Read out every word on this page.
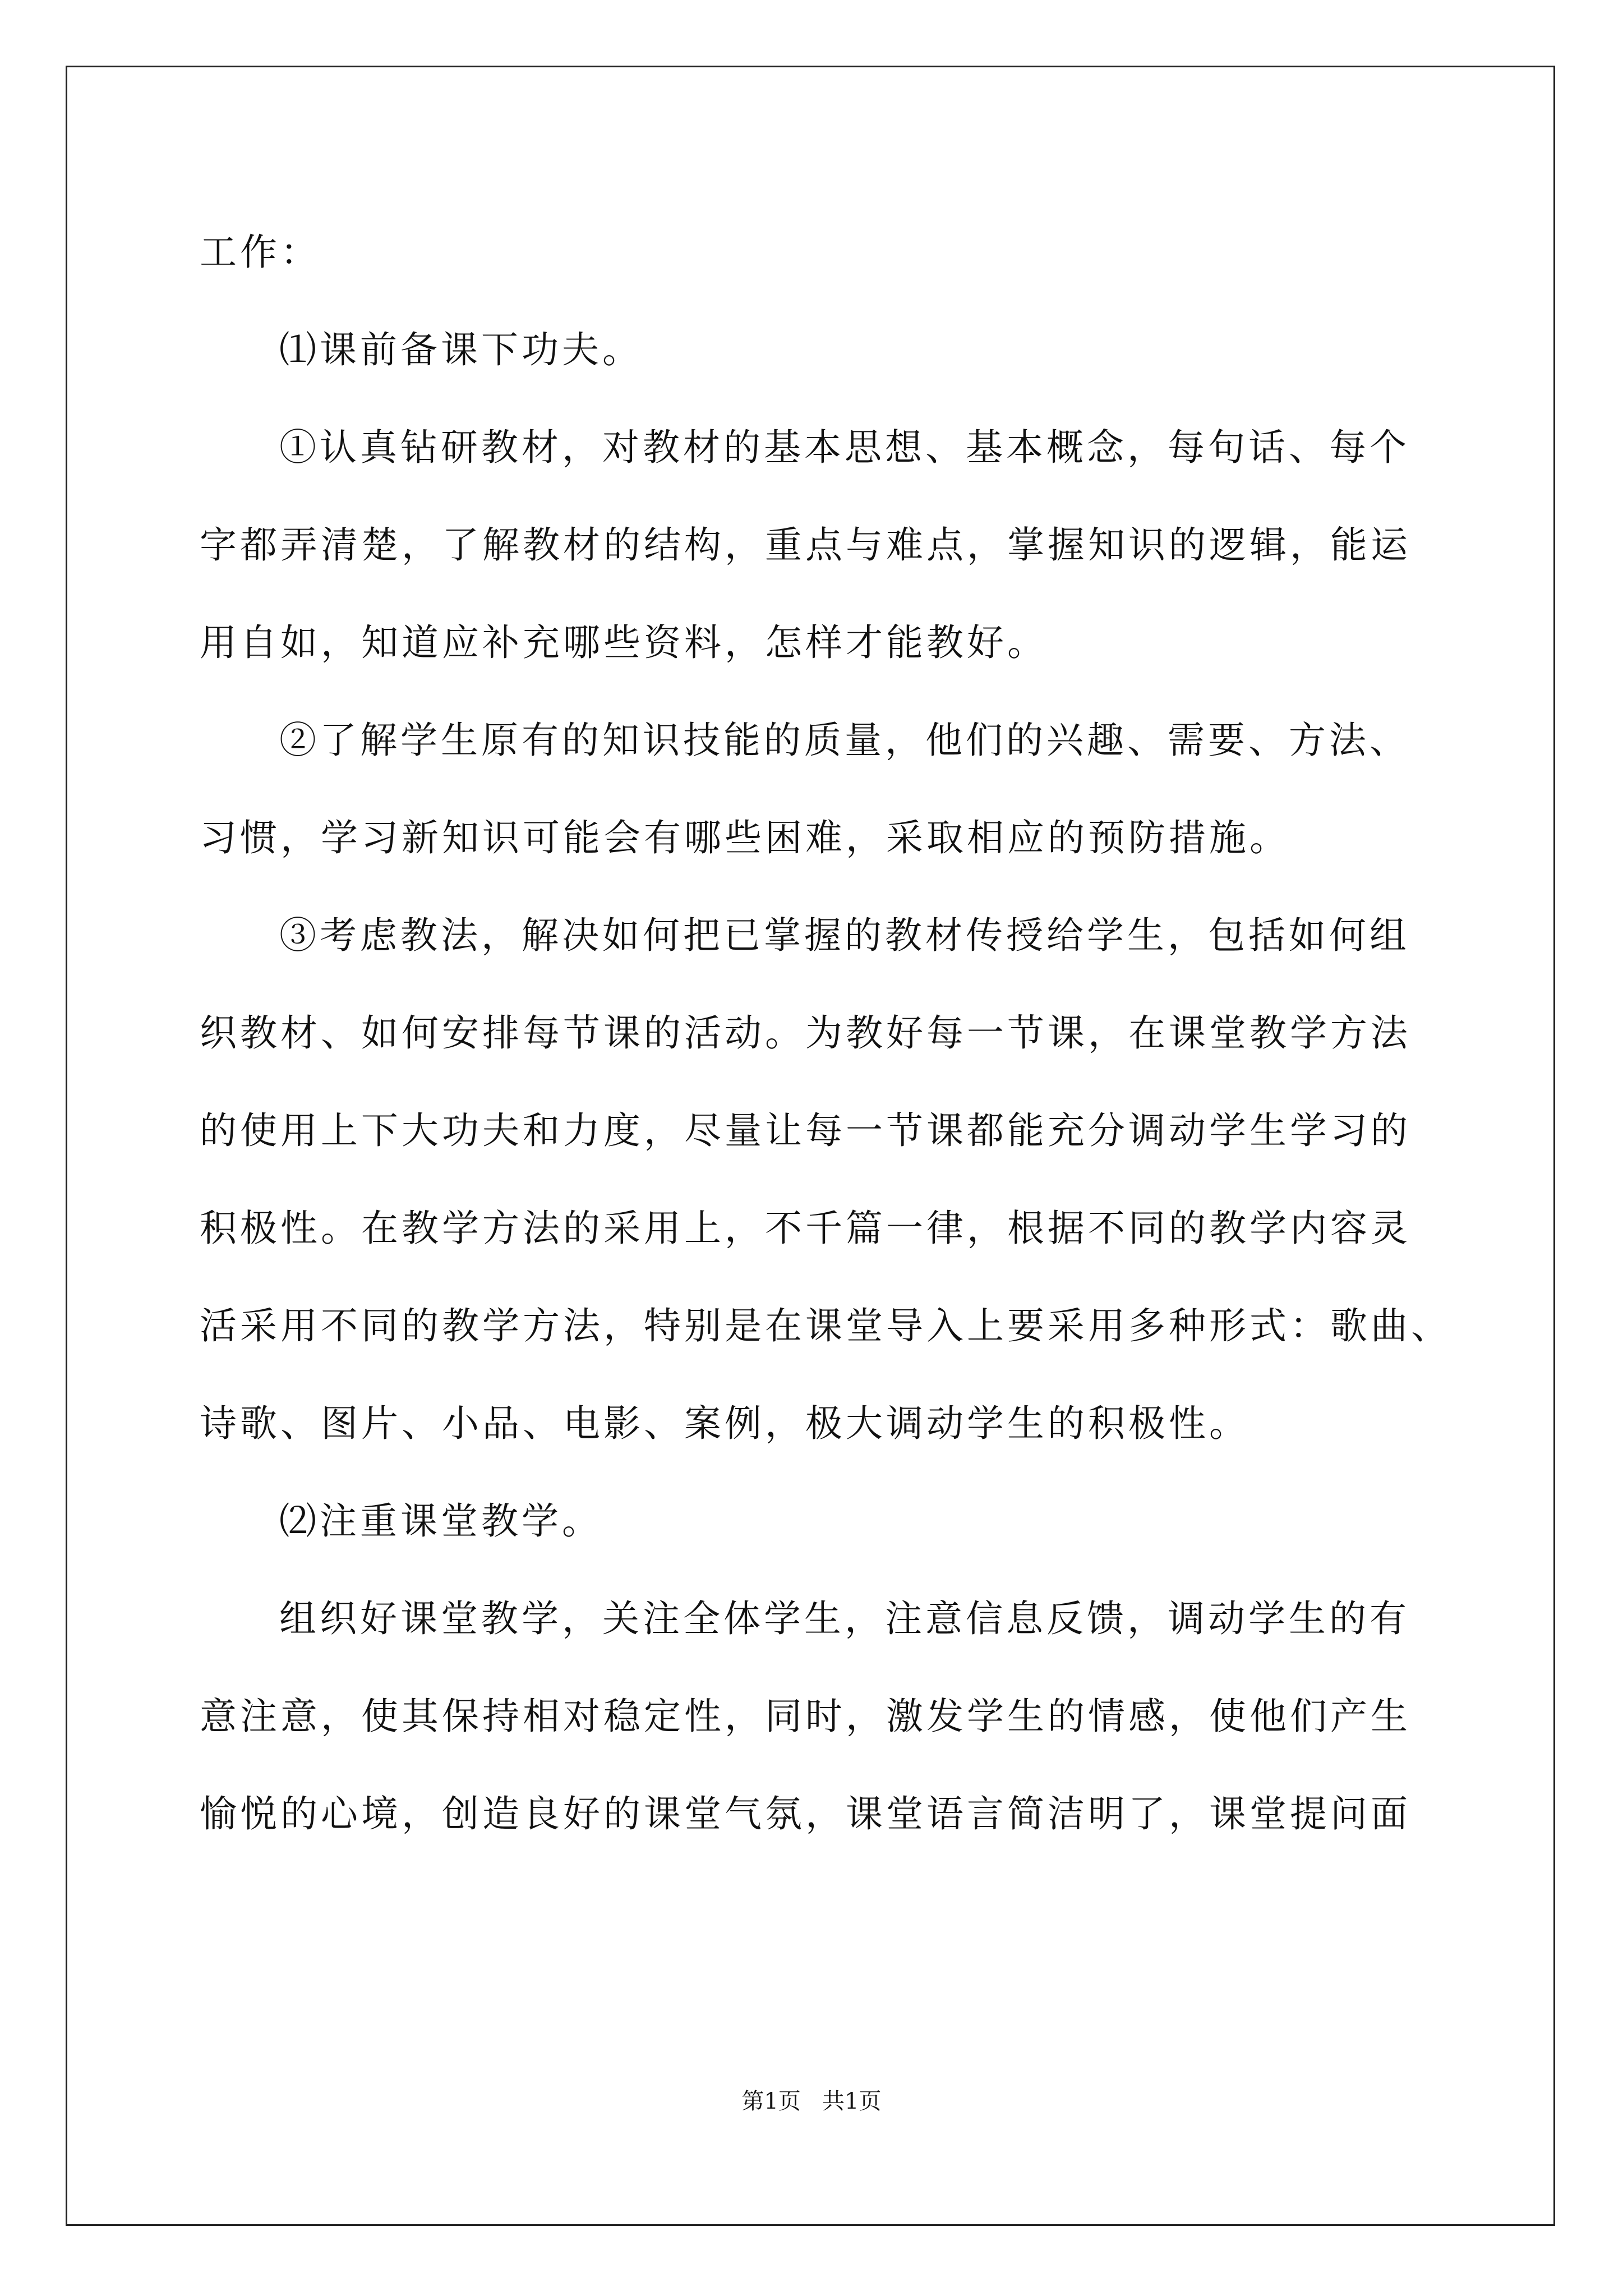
工作：
⑴课前备课下功夫。
①认真钻研教材，对教材的基本思想、基本概念，每句话、每个
字都弄清楚，了解教材的结构，重点与难点，掌握知识的逻辑，能运
用自如，知道应补充哪些资料，怎样才能教好。
②了解学生原有的知识技能的质量，他们的兴趣、需要、方法、
习惯，学习新知识可能会有哪些困难，采取相应的预防措施。
③考虑教法，解决如何把已掌握的教材传授给学生，包括如何组
织教材、如何安排每节课的活动。为教好每一节课，在课堂教学方法
的使用上下大功夫和力度，尽量让每一节课都能充分调动学生学习的
积极性。在教学方法的采用上，不千篇一律，根据不同的教学内容灵
活采用不同的教学方法，特别是在课堂导入上要采用多种形式：歌曲、
诗歌、图片、小品、电影、案例，极大调动学生的积极性。
⑵注重课堂教学。
组织好课堂教学，关注全体学生，注意信息反馈，调动学生的有
意注意，使其保持相对稳定性，同时，激发学生的情感，使他们产生
愉悦的心境，创造良好的课堂气氛，课堂语言简洁明了，课堂提问面
第1页   共1页
